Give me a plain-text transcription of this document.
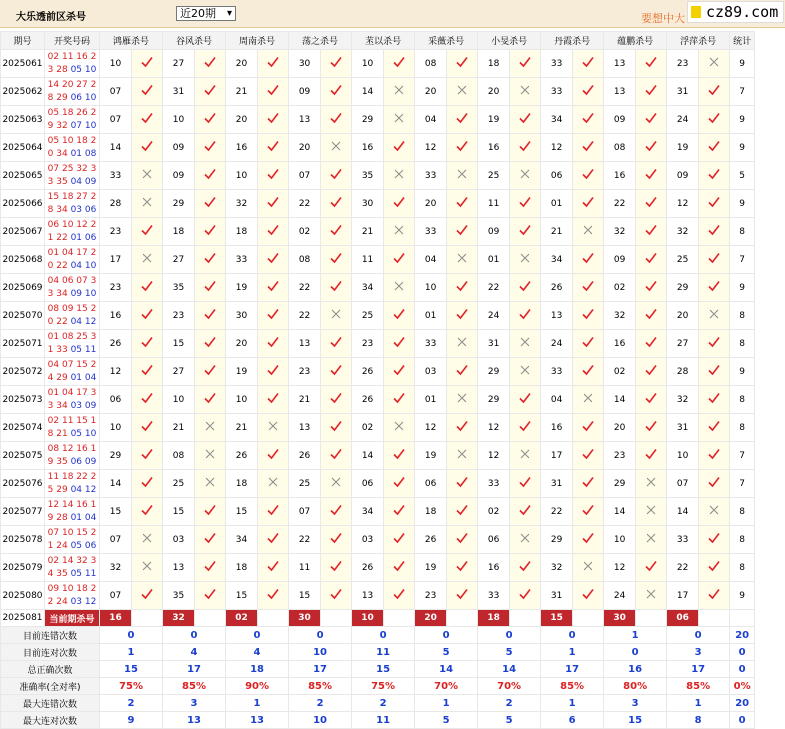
大乐透前区杀号	近20期 ▾	要想中大	cz89.com
期号	开奖号码	鸿雁杀号		谷风杀号		周南杀号		荡之杀号		苤以杀号		采薇杀号		小旻杀号		丹霞杀号		蕴鹏杀号		浮萍杀号		统计
2025061	02 11 16 23 28 05 10	10		27		20		30		10		08		18		33		13		23		9
2025062	14 20 27 28 29 06 10	07		31		21		09		14		20		20		33		13		31		7
2025063	05 18 26 29 32 07 10	07		10		20		13		29		04		19		34		09		24		9
2025064	05 10 18 20 34 01 08	14		09		16		20		16		12		16		12		08		19		9
2025065	07 25 32 33 35 04 09	33		09		10		07		35		33		25		06		16		09		5
2025066	15 18 27 28 34 03 06	28		29		32		22		30		20		11		01		22		12		9
2025067	06 10 12 21 22 01 06	23		18		18		02		21		33		09		21		32		32		8
2025068	01 04 17 20 22 04 10	17		27		33		08		11		04		01		34		09		25		7
2025069	04 06 07 33 34 09 10	23		35		19		22		34		10		22		26		02		29		9
2025070	08 09 15 20 22 04 12	16		23		30		22		25		01		24		13		32		20		8
2025071	01 08 25 31 33 05 11	26		15		20		13		23		33		31		24		16		27		8
2025072	04 07 15 24 29 01 04	12		27		19		23		26		03		29		33		02		28		9
2025073	01 04 17 33 34 03 09	06		10		10		21		26		01		29		04		14		32		8
2025074	02 11 15 18 21 05 10	10		21		21		13		02		12		12		16		20		31		8
2025075	08 12 16 19 35 06 09	29		08		26		26		14		19		12		17		23		10		7
2025076	11 18 22 25 29 04 12	14		25		18		25		06		06		33		31		29		07		7
2025077	12 14 16 19 28 01 04	15		15		15		07		34		18		02		22		14		14		8
2025078	07 10 15 21 24 05 06	07		03		34		22		03		26		06		29		10		33		8
2025079	02 14 32 34 35 05 11	32		13		18		11		26		19		16		32		12		22		8
2025080	09 10 18 22 24 03 12	07		35		15		15		13		23		33		31		24		17		9
2025081	当前期杀号	16		32		02		30		10		20		18		15		30		06		
目前连错次数		0		0		0		0		0		0		0		0		1		0		20
目前连对次数		1		4		4		10		11		5		5		1		0		3		0
总正确次数		15		17		18		17		15		14		14		17		16		17		0
准确率(全对率)		75%		85%		90%		85%		75%		70%		70%		85%		80%		85%		0%
最大连错次数		2		3		1		2		2		1		2		1		3		1		20
最大连对次数		9		13		13		10		11		5		5		6		15		8		0
